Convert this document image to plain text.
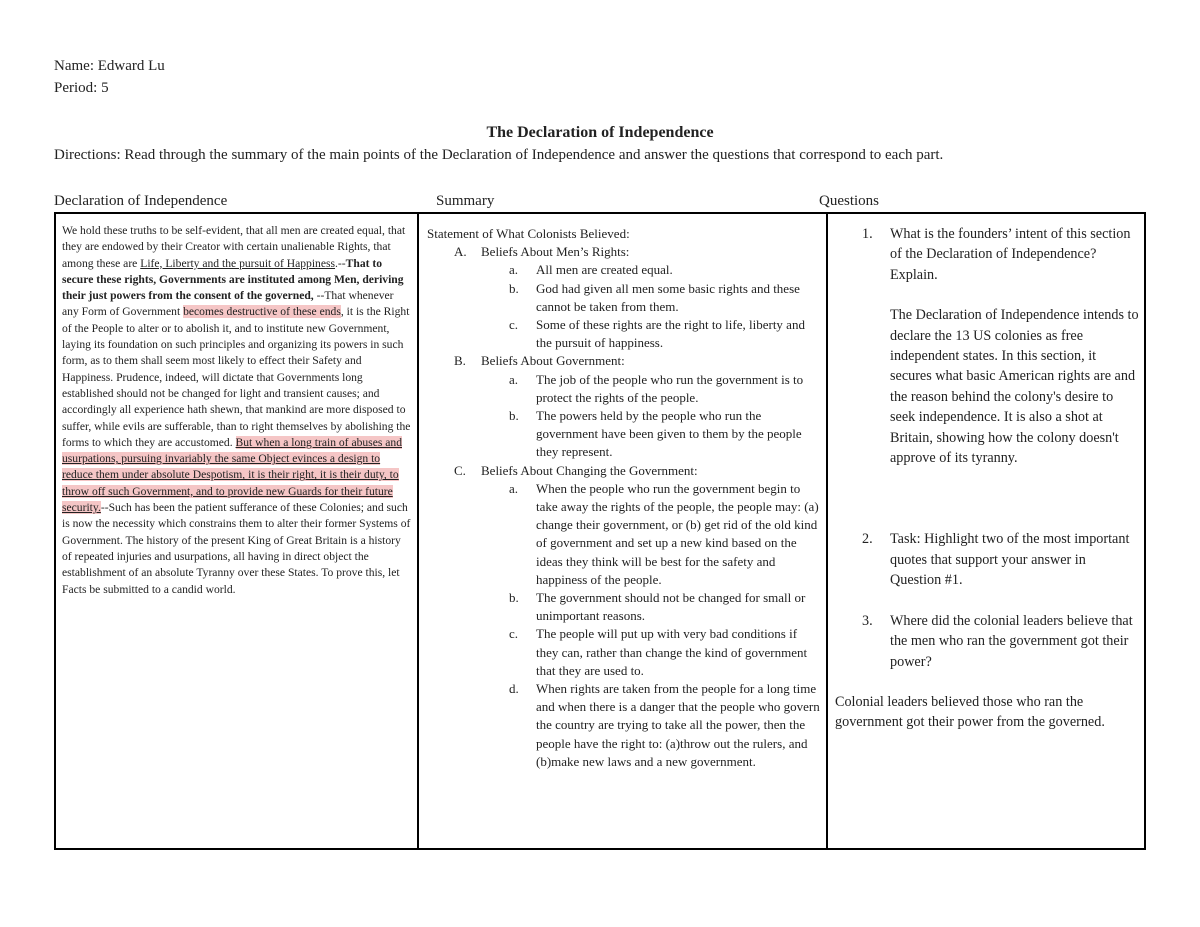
Name: Edward Lu
Period: 5
The Declaration of Independence
Directions: Read through the summary of the main points of the Declaration of Independence and answer the questions that correspond to each part.
Declaration of Independence	Summary	Questions
We hold these truths to be self-evident, that all men are created equal, that they are endowed by their Creator with certain unalienable Rights, that among these are Life, Liberty and the pursuit of Happiness.--That to secure these rights, Governments are instituted among Men, deriving their just powers from the consent of the governed, --That whenever any Form of Government becomes destructive of these ends, it is the Right of the People to alter or to abolish it, and to institute new Government, laying its foundation on such principles and organizing its powers in such form, as to them shall seem most likely to effect their Safety and Happiness. Prudence, indeed, will dictate that Governments long established should not be changed for light and transient causes; and accordingly all experience hath shewn, that mankind are more disposed to suffer, while evils are sufferable, than to right themselves by abolishing the forms to which they are accustomed. But when a long train of abuses and usurpations, pursuing invariably the same Object evinces a design to reduce them under absolute Despotism, it is their right, it is their duty, to throw off such Government, and to provide new Guards for their future security.--Such has been the patient sufferance of these Colonies; and such is now the necessity which constrains them to alter their former Systems of Government. The history of the present King of Great Britain is a history of repeated injuries and usurpations, all having in direct object the establishment of an absolute Tyranny over these States. To prove this, let Facts be submitted to a candid world.
Statement of What Colonists Believed:
A. Beliefs About Men’s Rights:
a. All men are created equal.
b. God had given all men some basic rights and these cannot be taken from them.
c. Some of these rights are the right to life, liberty and the pursuit of happiness.
B. Beliefs About Government:
a. The job of the people who run the government is to protect the rights of the people.
b. The powers held by the people who run the government have been given to them by the people they represent.
C. Beliefs About Changing the Government:
a. When the people who run the government begin to take away the rights of the people, the people may: (a) change their government, or (b) get rid of the old kind of government and set up a new kind based on the ideas they think will be best for the safety and happiness of the people.
b. The government should not be changed for small or unimportant reasons.
c. The people will put up with very bad conditions if they can, rather than change the kind of government that they are used to.
d. When rights are taken from the people for a long time and when there is a danger that the people who govern the country are trying to take all the power, then the people have the right to: (a)throw out the rulers, and (b)make new laws and a new government.
1. What is the founders’ intent of this section of the Declaration of Independence? Explain.
The Declaration of Independence intends to declare the 13 US colonies as free independent states. In this section, it secures what basic American rights are and the reason behind the colony's desire to seek independence. It is also a shot at Britain, showing how the colony doesn't approve of its tyranny.
2. Task: Highlight two of the most important quotes that support your answer in Question #1.
3. Where did the colonial leaders believe that the men who ran the government got their power?
Colonial leaders believed those who ran the government got their power from the governed.
